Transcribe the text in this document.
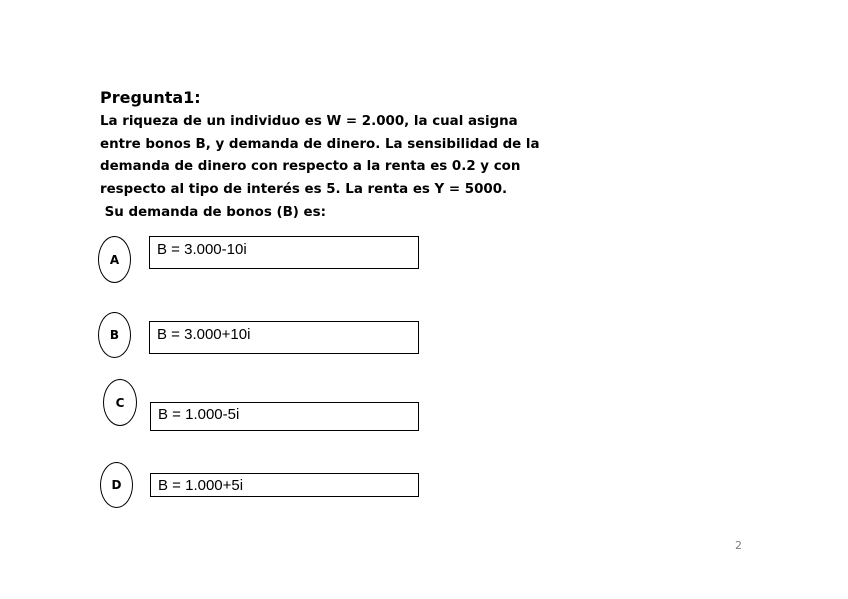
Pregunta1:
La riqueza de un individuo es W = 2.000, la cual asigna
entre bonos B, y demanda de dinero. La sensibilidad de la
demanda de dinero con respecto a la renta es 0.2 y con
respecto al tipo de interés es 5. La renta es Y = 5000.
Su demanda de bonos (B) es:
A
B = 3.000-10i
B	B = 3.000+10i
C
B = 1.000-5i
D	B = 1.000+5i
2
